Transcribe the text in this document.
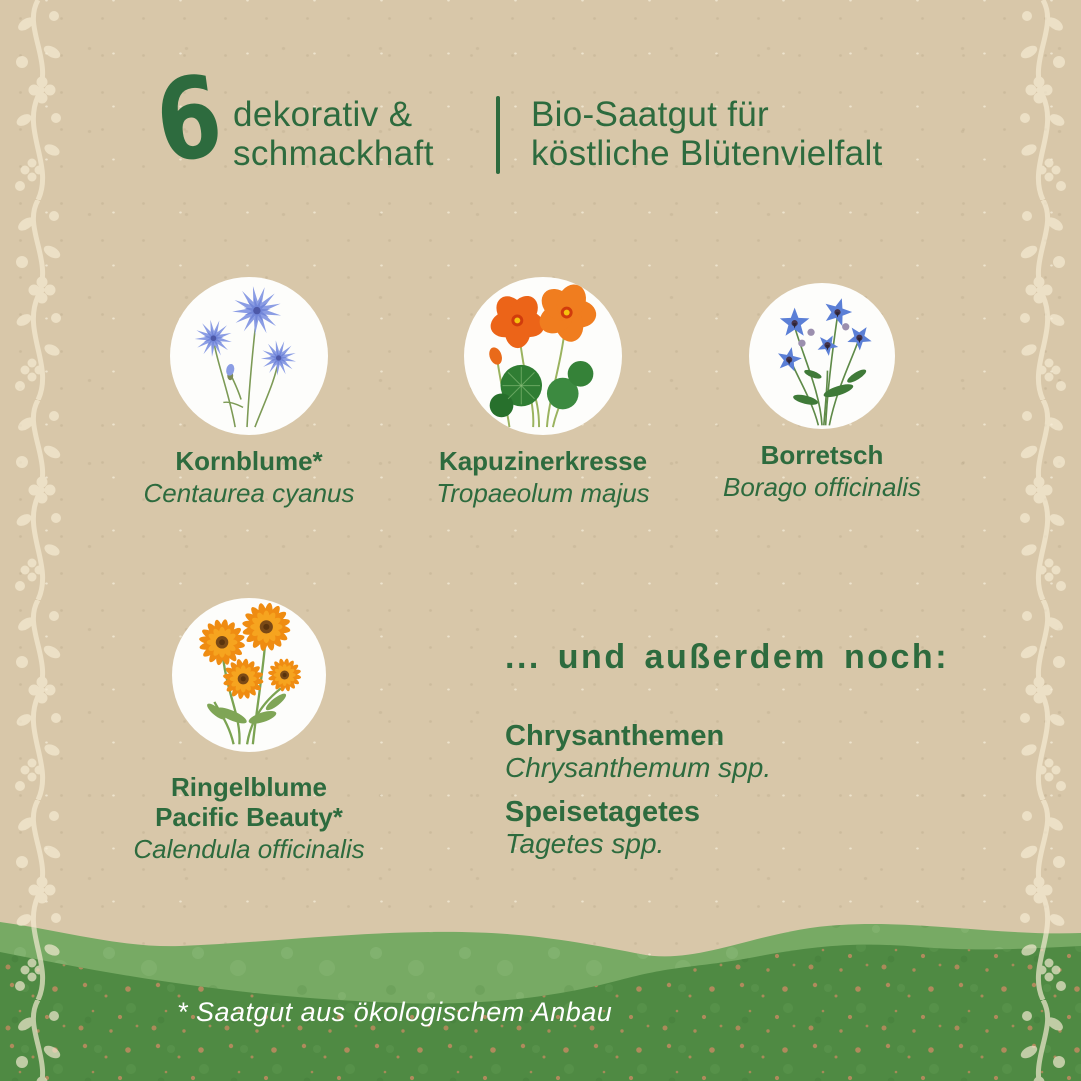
6 dekorativ &
schmackhaft
Bio-Saatgut für
köstliche Blütenvielfalt
Kornblume*
Centaurea cyanus
Kapuzinerkresse
Tropaeolum majus
Borretsch
Borago officinalis
Ringelblume
Pacific Beauty*
Calendula officinalis
... und außerdem noch:
Chrysanthemen
Chrysanthemum spp.
Speisetagetes
Tagetes spp.
* Saatgut aus ökologischem Anbau
